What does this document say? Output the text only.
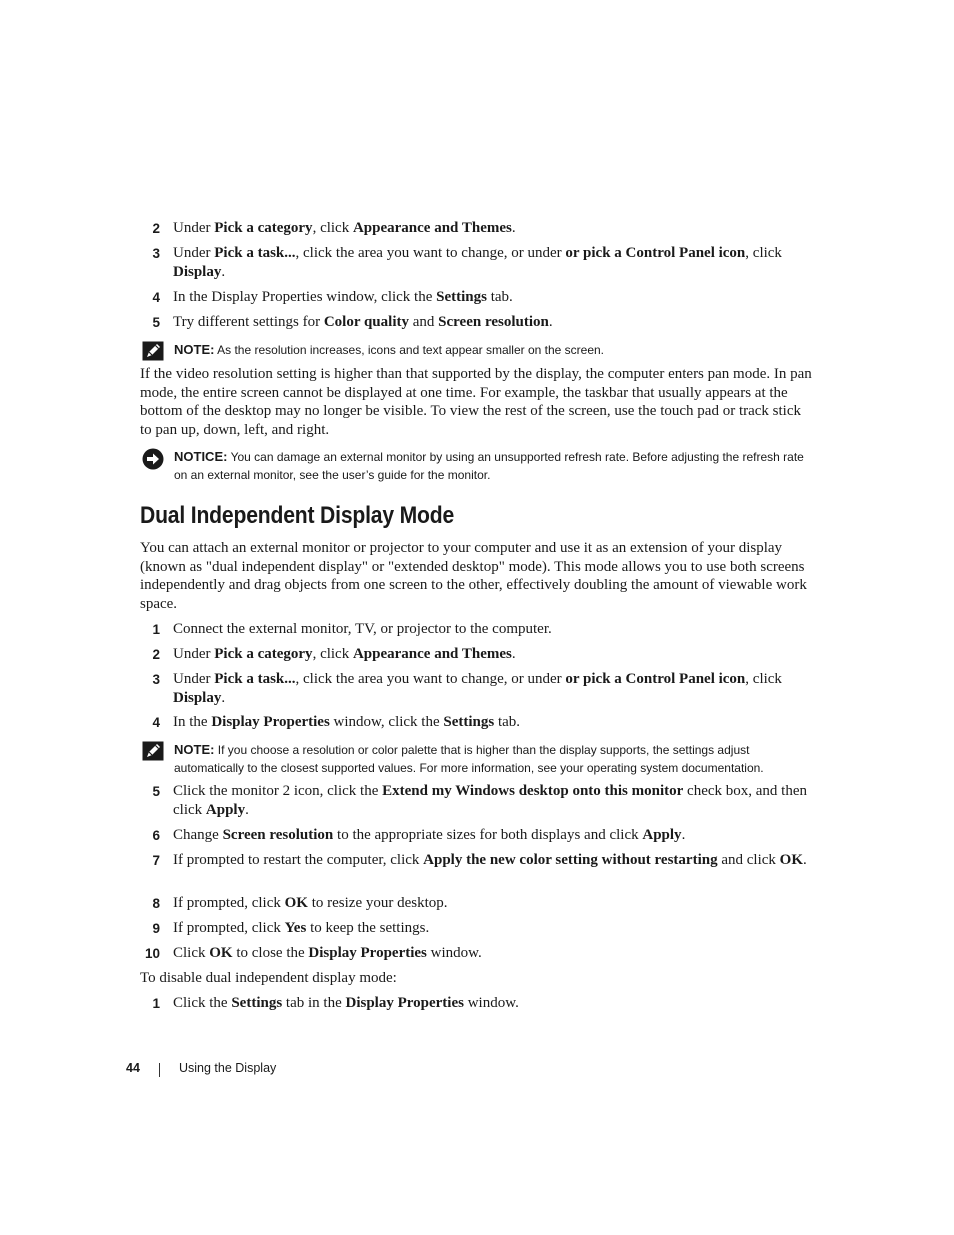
2 Under Pick a category, click Appearance and Themes.
3 Under Pick a task..., click the area you want to change, or under or pick a Control Panel icon, click Display.
4 In the Display Properties window, click the Settings tab.
5 Try different settings for Color quality and Screen resolution.
NOTE: As the resolution increases, icons and text appear smaller on the screen.
If the video resolution setting is higher than that supported by the display, the computer enters pan mode. In pan mode, the entire screen cannot be displayed at one time. For example, the taskbar that usually appears at the bottom of the desktop may no longer be visible. To view the rest of the screen, use the touch pad or track stick to pan up, down, left, and right.
NOTICE: You can damage an external monitor by using an unsupported refresh rate. Before adjusting the refresh rate on an external monitor, see the user’s guide for the monitor.
Dual Independent Display Mode
You can attach an external monitor or projector to your computer and use it as an extension of your display (known as "dual independent display" or "extended desktop" mode). This mode allows you to use both screens independently and drag objects from one screen to the other, effectively doubling the amount of viewable work space.
1 Connect the external monitor, TV, or projector to the computer.
2 Under Pick a category, click Appearance and Themes.
3 Under Pick a task..., click the area you want to change, or under or pick a Control Panel icon, click Display.
4 In the Display Properties window, click the Settings tab.
NOTE: If you choose a resolution or color palette that is higher than the display supports, the settings adjust automatically to the closest supported values. For more information, see your operating system documentation.
5 Click the monitor 2 icon, click the Extend my Windows desktop onto this monitor check box, and then click Apply.
6 Change Screen resolution to the appropriate sizes for both displays and click Apply.
7 If prompted to restart the computer, click Apply the new color setting without restarting and click OK.
8 If prompted, click OK to resize your desktop.
9 If prompted, click Yes to keep the settings.
10 Click OK to close the Display Properties window.
To disable dual independent display mode:
1 Click the Settings tab in the Display Properties window.
44	Using the Display
